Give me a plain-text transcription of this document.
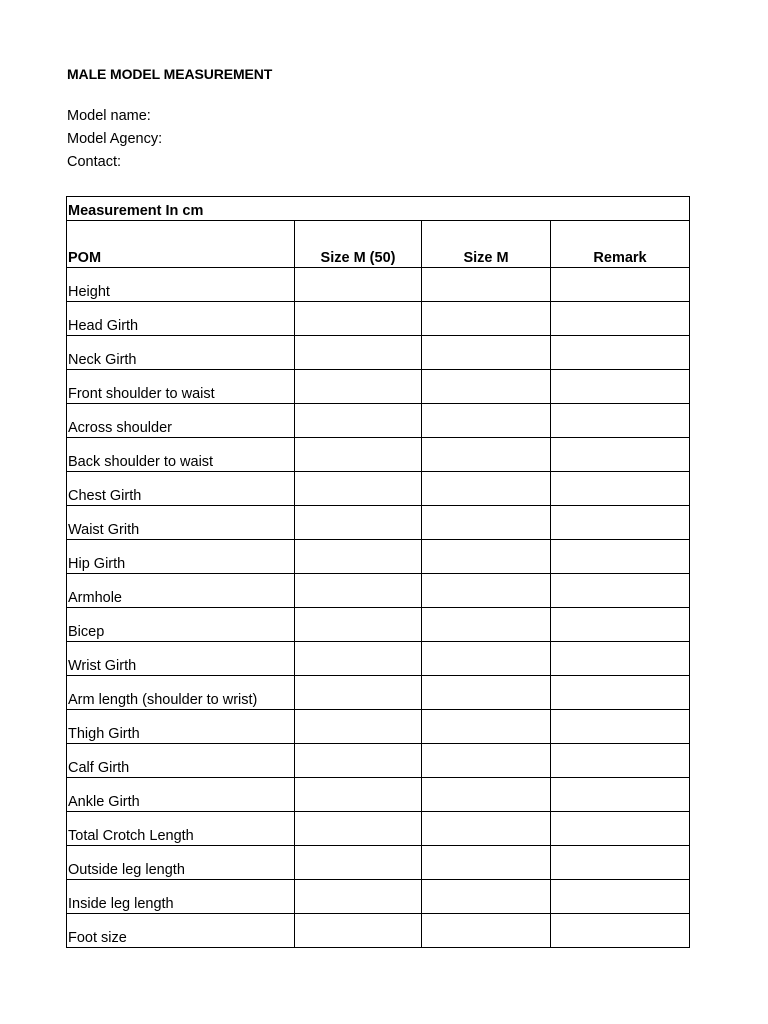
MALE MODEL MEASUREMENT
Model name:
Model Agency:
Contact:
Measurement In cm			
POM	Size M (50)	Size M	Remark
Height			
Head Girth			
Neck Girth			
Front shoulder to waist			
Across shoulder			
Back shoulder to waist			
Chest Girth			
Waist Grith			
Hip Girth			
Armhole			
Bicep			
Wrist Girth			
Arm length (shoulder to wrist)			
Thigh Girth			
Calf Girth			
Ankle Girth			
Total Crotch Length			
Outside leg length			
Inside leg length			
Foot size			
